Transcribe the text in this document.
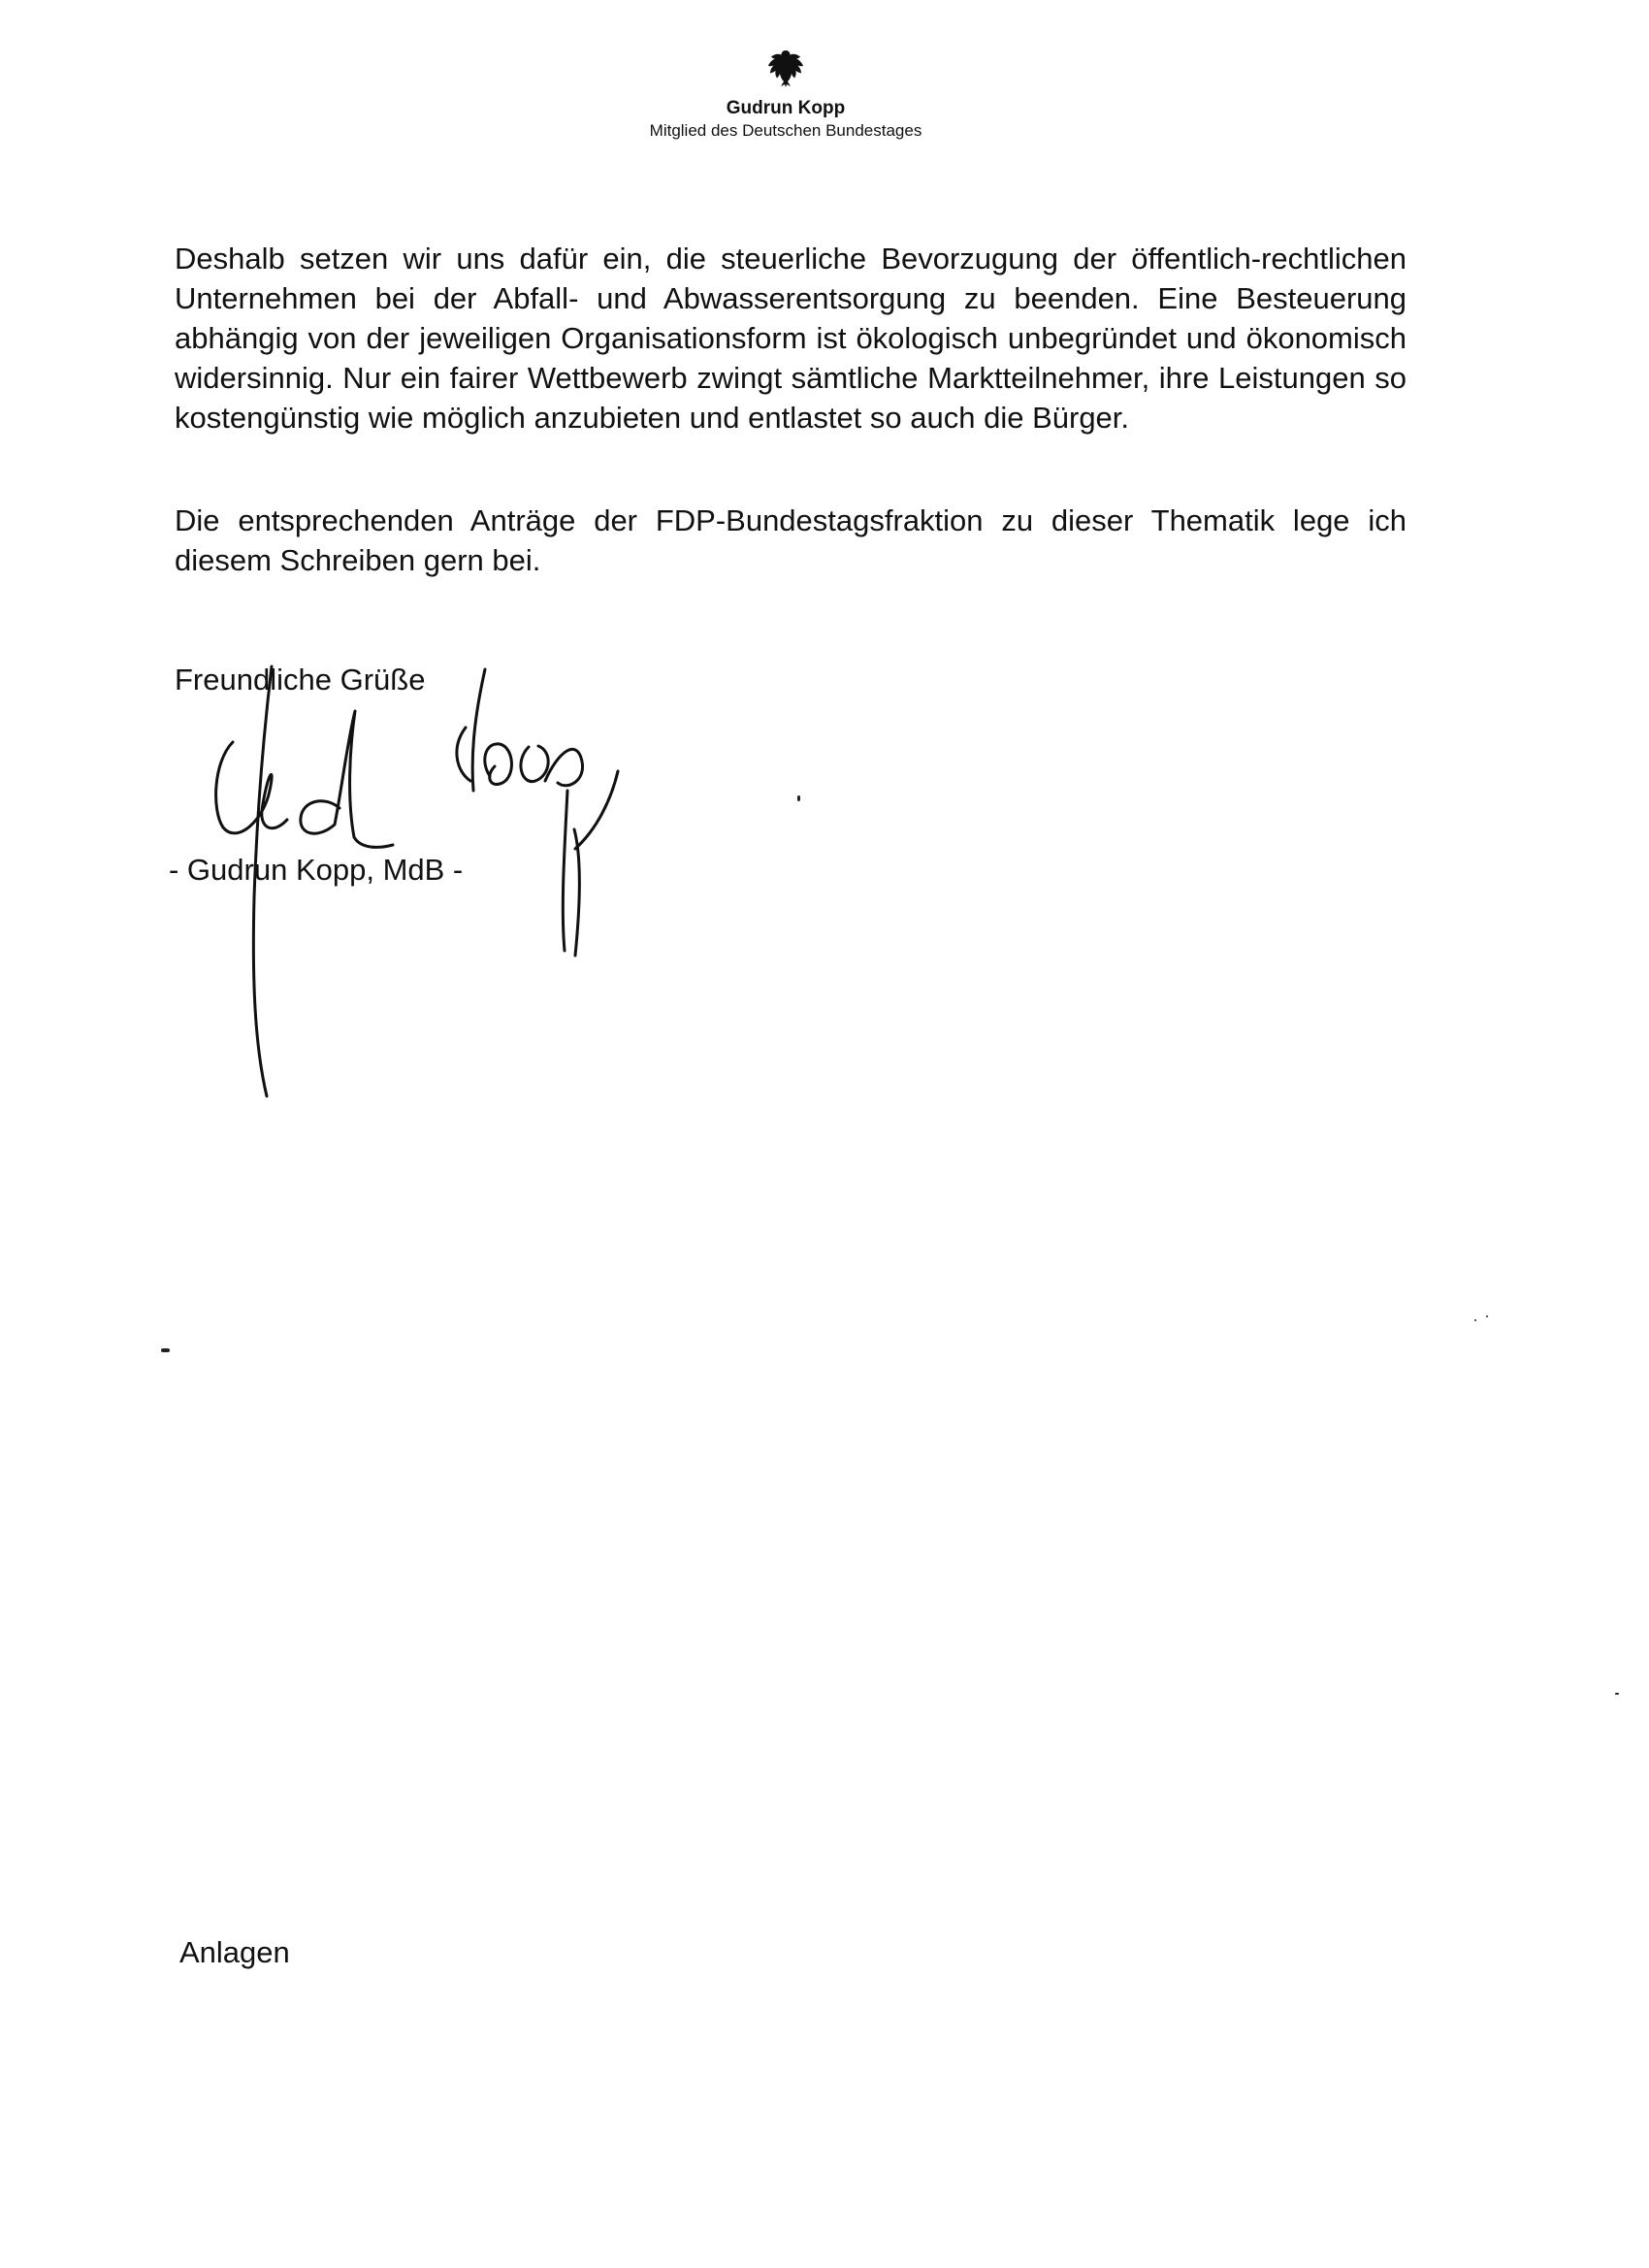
Gudrun Kopp
Mitglied des Deutschen Bundestages
Deshalb setzen wir uns dafür ein, die steuerliche Bevorzugung der öffentlich-rechtlichen Unternehmen bei der Abfall- und Abwasserentsorgung zu beenden. Eine Besteuerung abhängig von der jeweiligen Organisationsform ist ökologisch unbegründet und ökonomisch widersinnig. Nur ein fairer Wettbewerb zwingt sämtliche Marktteilnehmer, ihre Leistungen so kostengünstig wie möglich anzubieten und entlastet so auch die Bürger.
Die entsprechenden Anträge der FDP-Bundestagsfraktion zu dieser Thematik lege ich diesem Schreiben gern bei.
Freundliche Grüße
- Gudrun Kopp, MdB -
Anlagen
